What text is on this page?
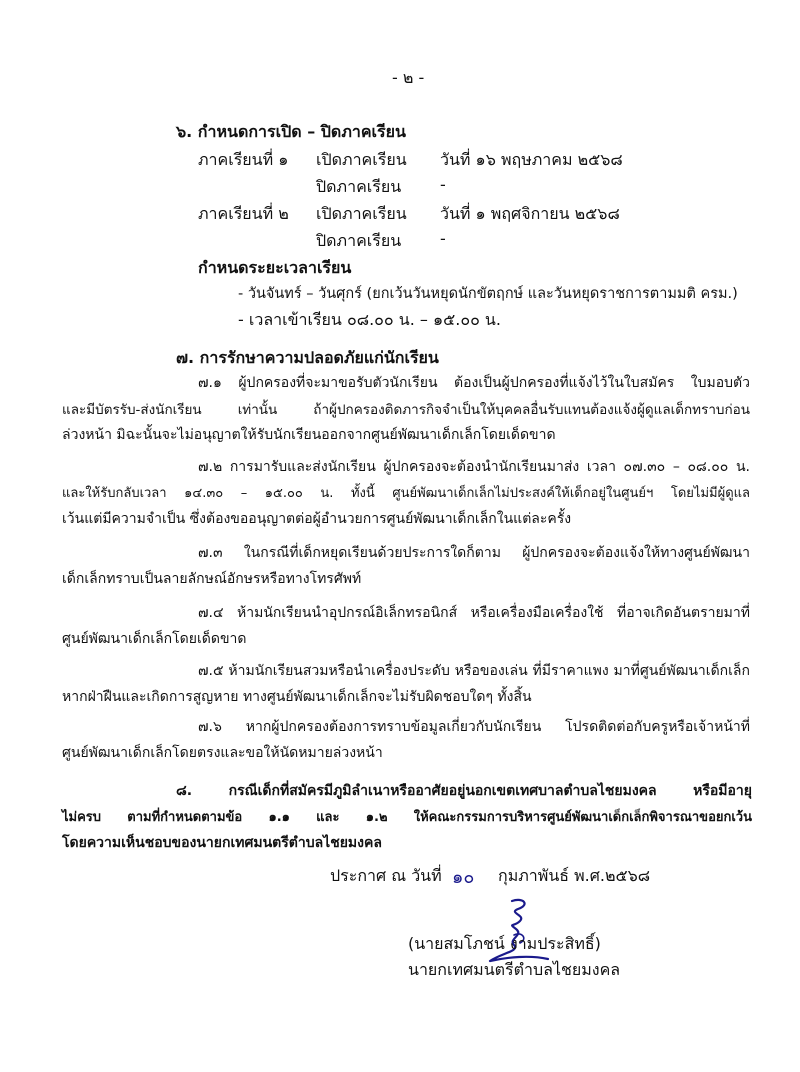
- ๒ -
๖. กำหนดการเปิด – ปิดภาคเรียน
ภาคเรียนที่ ๑ เปิดภาคเรียน วันที่ ๑๖ พฤษภาคม ๒๕๖๘
ปิดภาคเรียน -
ภาคเรียนที่ ๒ เปิดภาคเรียน วันที่ ๑ พฤศจิกายน ๒๕๖๘
ปิดภาคเรียน -
กำหนดระยะเวลาเรียน
- วันจันทร์ – วันศุกร์ (ยกเว้นวันหยุดนักขัตฤกษ์ และวันหยุดราชการตามมติ ครม.)
- เวลาเข้าเรียน ๐๘.๐๐ น. – ๑๕.๐๐ น.
๗. การรักษาความปลอดภัยแก่นักเรียน
๗.๑ ผู้ปกครองที่จะมาขอรับตัวนักเรียน ต้องเป็นผู้ปกครองที่แจ้งไว้ในใบสมัคร ใบมอบตัว
และมีบัตรรับ-ส่งนักเรียน เท่านั้น ถ้าผู้ปกครองติดภารกิจจำเป็นให้บุคคลอื่นรับแทนต้องแจ้งผู้ดูแลเด็กทราบก่อน
ล่วงหน้า มิฉะนั้นจะไม่อนุญาตให้รับนักเรียนออกจากศูนย์พัฒนาเด็กเล็กโดยเด็ดขาด
๗.๒ การมารับและส่งนักเรียน ผู้ปกครองจะต้องนำนักเรียนมาส่ง เวลา ๐๗.๓๐ – ๐๘.๐๐ น.
และให้รับกลับเวลา ๑๔.๓๐ – ๑๕.๐๐ น. ทั้งนี้ ศูนย์พัฒนาเด็กเล็กไม่ประสงค์ให้เด็กอยู่ในศูนย์ฯ โดยไม่มีผู้ดูแล
เว้นแต่มีความจำเป็น ซึ่งต้องขออนุญาตต่อผู้อำนวยการศูนย์พัฒนาเด็กเล็กในแต่ละครั้ง
๗.๓ ในกรณีที่เด็กหยุดเรียนด้วยประการใดก็ตาม ผู้ปกครองจะต้องแจ้งให้ทางศูนย์พัฒนา
เด็กเล็กทราบเป็นลายลักษณ์อักษรหรือทางโทรศัพท์
๗.๔ ห้ามนักเรียนนำอุปกรณ์อิเล็กทรอนิกส์ หรือเครื่องมือเครื่องใช้ ที่อาจเกิดอันตรายมาที่
ศูนย์พัฒนาเด็กเล็กโดยเด็ดขาด
๗.๕ ห้ามนักเรียนสวมหรือนำเครื่องประดับ หรือของเล่น ที่มีราคาแพง มาที่ศูนย์พัฒนาเด็กเล็ก
หากฝ่าฝืนและเกิดการสูญหาย ทางศูนย์พัฒนาเด็กเล็กจะไม่รับผิดชอบใดๆ ทั้งสิ้น
๗.๖ หากผู้ปกครองต้องการทราบข้อมูลเกี่ยวกับนักเรียน โปรดติดต่อกับครูหรือเจ้าหน้าที่
ศูนย์พัฒนาเด็กเล็กโดยตรงและขอให้นัดหมายล่วงหน้า
๘. กรณีเด็กที่สมัครมีภูมิลำเนาหรืออาศัยอยู่นอกเขตเทศบาลตำบลไชยมงคล หรือมีอายุ
ไม่ครบ ตามที่กำหนดตามข้อ ๑.๑ และ ๑.๒ ให้คณะกรรมการบริหารศูนย์พัฒนาเด็กเล็กพิจารณาขอยกเว้น
โดยความเห็นชอบของนายกเทศมนตรีตำบลไชยมงคล
ประกาศ ณ วันที่ ๑๐ กุมภาพันธ์ พ.ศ.๒๕๖๘
(นายสมโภชน์ งามประสิทธิ์)
นายกเทศมนตรีตำบลไชยมงคล
